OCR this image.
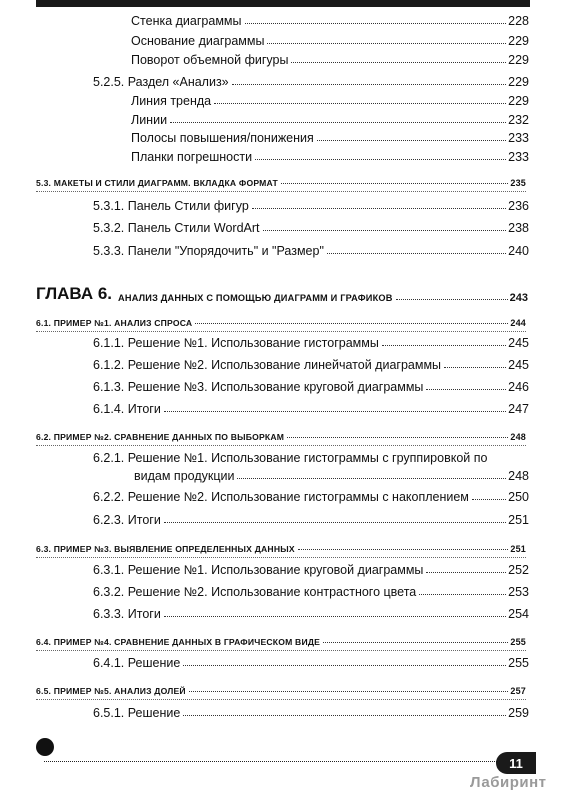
Стенка диаграммы	228
Основание диаграммы	229
Поворот объемной фигуры	229
5.2.5. Раздел «Анализ»	229
Линия тренда	229
Линии	232
Полосы повышения/понижения	233
Планки погрешности	233
5.3. МАКЕТЫ И СТИЛИ ДИАГРАММ. ВКЛАДКА ФОРМАТ	235
5.3.1. Панель Стили фигур	236
5.3.2. Панель Стили WordArt	238
5.3.3. Панели "Упорядочить" и "Размер"	240
ГЛАВА 6. АНАЛИЗ ДАННЫХ С ПОМОЩЬЮ ДИАГРАММ И ГРАФИКОВ	243
6.1. ПРИМЕР №1. АНАЛИЗ СПРОСА	244
6.1.1. Решение №1. Использование гистограммы	245
6.1.2. Решение №2. Использование линейчатой диаграммы	245
6.1.3. Решение №3. Использование круговой диаграммы	246
6.1.4. Итоги	247
6.2. ПРИМЕР №2. СРАВНЕНИЕ ДАННЫХ ПО ВЫБОРКАМ	248
6.2.1. Решение №1. Использование гистограммы с группировкой по
видам продукции	248
6.2.2. Решение №2. Использование гистограммы с накоплением	250
6.2.3. Итоги	251
6.3. ПРИМЕР №3. ВЫЯВЛЕНИЕ ОПРЕДЕЛЕННЫХ ДАННЫХ	251
6.3.1. Решение №1. Использование круговой диаграммы	252
6.3.2. Решение №2. Использование контрастного цвета	253
6.3.3. Итоги	254
6.4. ПРИМЕР №4. СРАВНЕНИЕ ДАННЫХ В ГРАФИЧЕСКОМ ВИДЕ	255
6.4.1. Решение	255
6.5. ПРИМЕР №5. АНАЛИЗ ДОЛЕЙ	257
6.5.1. Решение	259
11
Лабиринт
